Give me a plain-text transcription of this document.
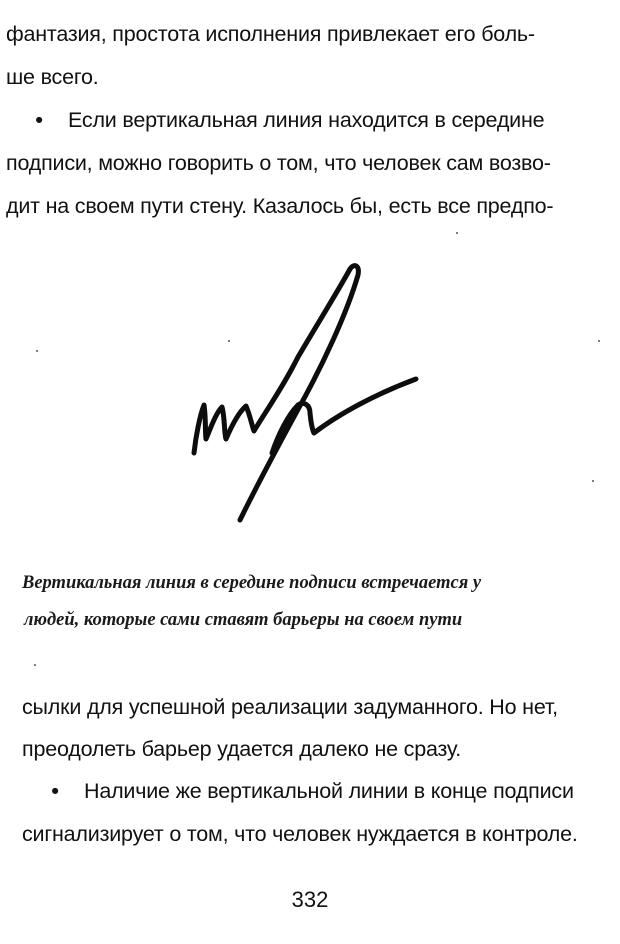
фантазия, простота исполнения привлекает его боль-
ше всего.
• Если вертикальная линия находится в середине
подписи, можно говорить о том, что человек сам возво-
дит на своем пути стену. Казалось бы, есть все предпо-
Вертикальная линия в середине подписи встречается у
людей, которые сами ставят барьеры на своем пути
сылки для успешной реализации задуманного. Но нет,
преодолеть барьер удается далеко не сразу.
• Наличие же вертикальной линии в конце подписи
сигнализирует о том, что человек нуждается в контроле.
332
